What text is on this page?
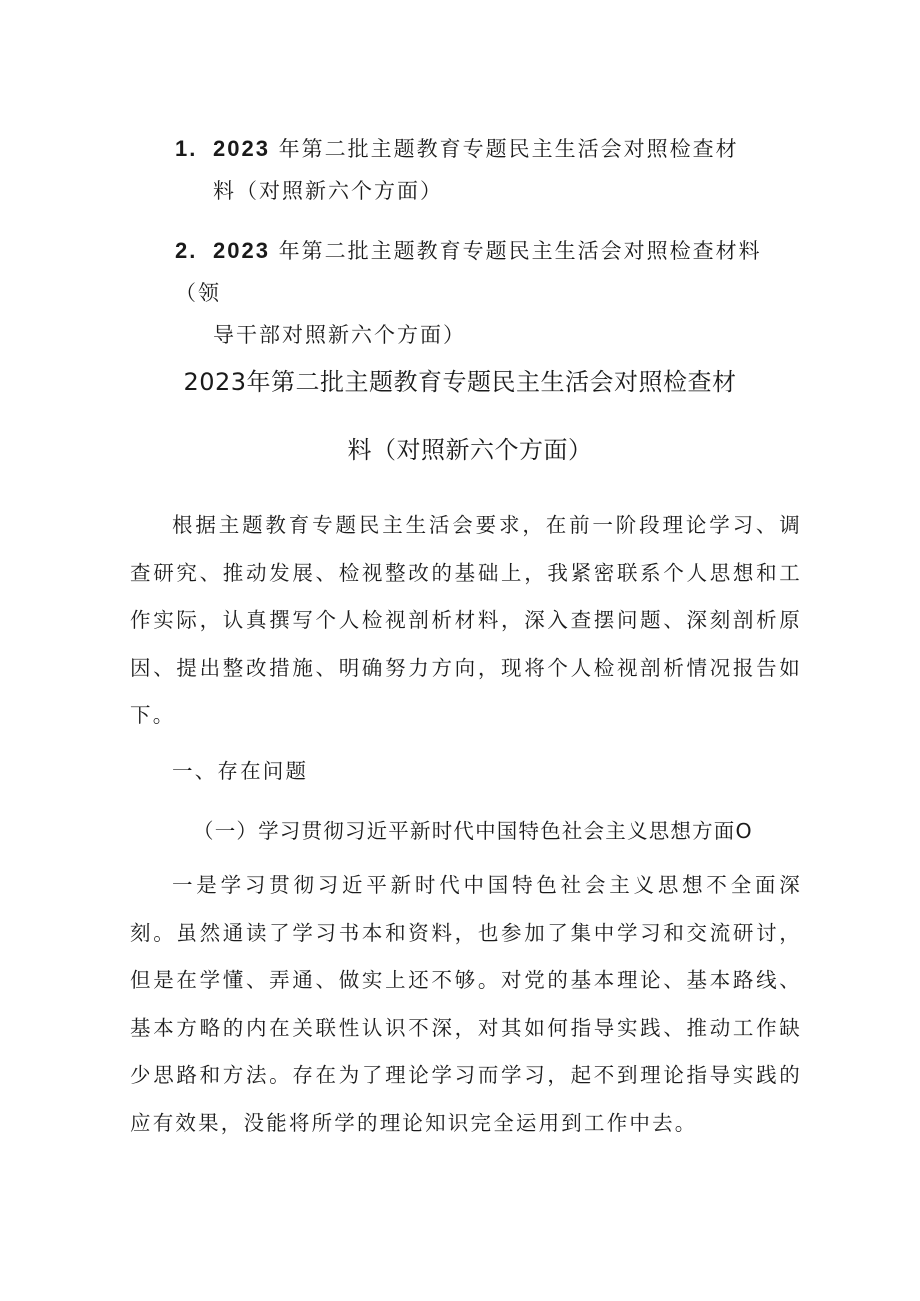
1. 2023 年第二批主题教育专题民主生活会对照检查材
料（对照新六个方面）
2. 2023 年第二批主题教育专题民主生活会对照检查材料（领
导干部对照新六个方面）
2023年第二批主题教育专题民主生活会对照检查材
料（对照新六个方面）
根据主题教育专题民主生活会要求，在前一阶段理论学习、调查研究、推动发展、检视整改的基础上，我紧密联系个人思想和工作实际，认真撰写个人检视剖析材料，深入查摆问题、深刻剖析原因、提出整改措施、明确努力方向，现将个人检视剖析情况报告如下。
一、存在问题
（一）学习贯彻习近平新时代中国特色社会主义思想方面O
一是学习贯彻习近平新时代中国特色社会主义思想不全面深刻。虽然通读了学习书本和资料，也参加了集中学习和交流研讨，但是在学懂、弄通、做实上还不够。对党的基本理论、基本路线、基本方略的内在关联性认识不深，对其如何指导实践、推动工作缺少思路和方法。存在为了理论学习而学习，起不到理论指导实践的应有效果，没能将所学的理论知识完全运用到工作中去。
